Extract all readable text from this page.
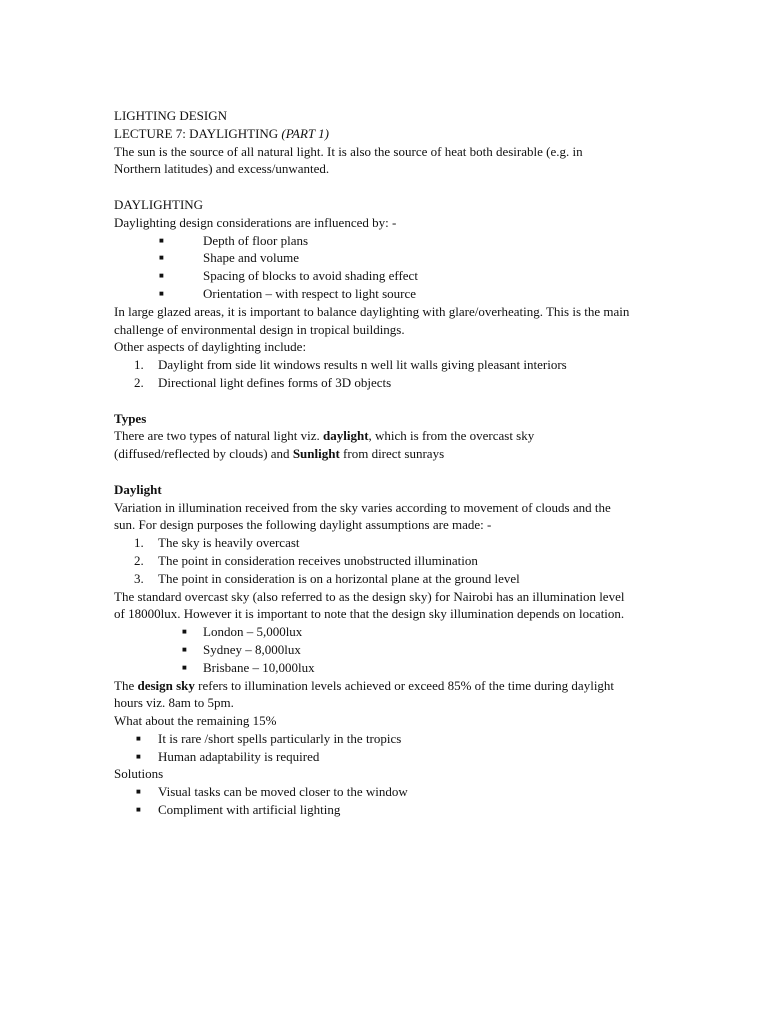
LIGHTING DESIGN
LECTURE 7: DAYLIGHTING (PART 1)
The sun is the source of all natural light. It is also the source of heat both desirable (e.g. in
Northern latitudes) and excess/unwanted.
DAYLIGHTING
Daylighting design considerations are influenced by: -
■	Depth of floor plans
■	Shape and volume
■	Spacing of blocks to avoid shading effect
■	Orientation – with respect to light source
In large glazed areas, it is important to balance daylighting with glare/overheating. This is the main
challenge of environmental design in tropical buildings.
Other aspects of daylighting include:
1. Daylight from side lit windows results n well lit walls giving pleasant interiors
2. Directional light defines forms of 3D objects
Types
There are two types of natural light viz. daylight, which is from the overcast sky
(diffused/reflected by clouds) and Sunlight from direct sunrays
Daylight
Variation in illumination received from the sky varies according to movement of clouds and the
sun. For design purposes the following daylight assumptions are made: -
1. The sky is heavily overcast
2. The point in consideration receives unobstructed illumination
3. The point in consideration is on a horizontal plane at the ground level
The standard overcast sky (also referred to as the design sky) for Nairobi has an illumination level
of 18000lux. However it is important to note that the design sky illumination depends on location.
■ London – 5,000lux
■ Sydney – 8,000lux
■ Brisbane – 10,000lux
The design sky refers to illumination levels achieved or exceed 85% of the time during daylight
hours viz. 8am to 5pm.
What about the remaining 15%
■ It is rare /short spells particularly in the tropics
■ Human adaptability is required
Solutions
■ Visual tasks can be moved closer to the window
■ Compliment with artificial lighting
